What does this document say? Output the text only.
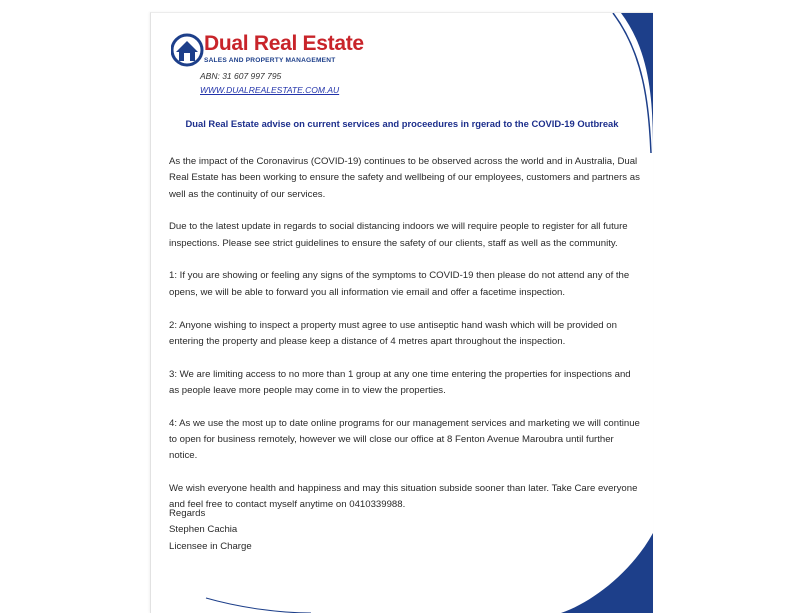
Dual Real Estate
SALES AND PROPERTY MANAGEMENT
ABN: 31 607 997 795
WWW.DUALREALESTATE.COM.AU
Dual Real Estate advise on current services and proceedures in rgerad to the COVID-19 Outbreak

As the impact of the Coronavirus (COVID-19) continues to be observed across the world and in Australia, Dual Real Estate has been working to ensure the safety and wellbeing of our employees, customers and partners as well as the continuity of our services.

Due to the latest update in regards to social distancing indoors we will require people to register for all future inspections. Please see strict guidelines to ensure the safety of our clients, staff as well as the community.

1: If you are showing or feeling any signs of the symptoms to COVID-19 then please do not attend any of the opens, we will be able to forward you all information vie email and offer a facetime inspection.

2: Anyone wishing to inspect a property must agree to use antiseptic hand wash which will be provided on entering the property and please keep a distance of 4 metres apart throughout the inspection.

3: We are limiting access to no more than 1 group at any one time entering the properties for inspections and as people leave more people may come in to view the properties.

4: As we use the most up to date online programs for our management services and marketing we will continue to open for business remotely, however we will close our office at 8 Fenton Avenue Maroubra until further notice.

We wish everyone health and happiness and may this situation subside sooner than later. Take Care everyone and feel free to contact myself anytime on 0410339988.

Regards
Stephen Cachia
Licensee in Charge
